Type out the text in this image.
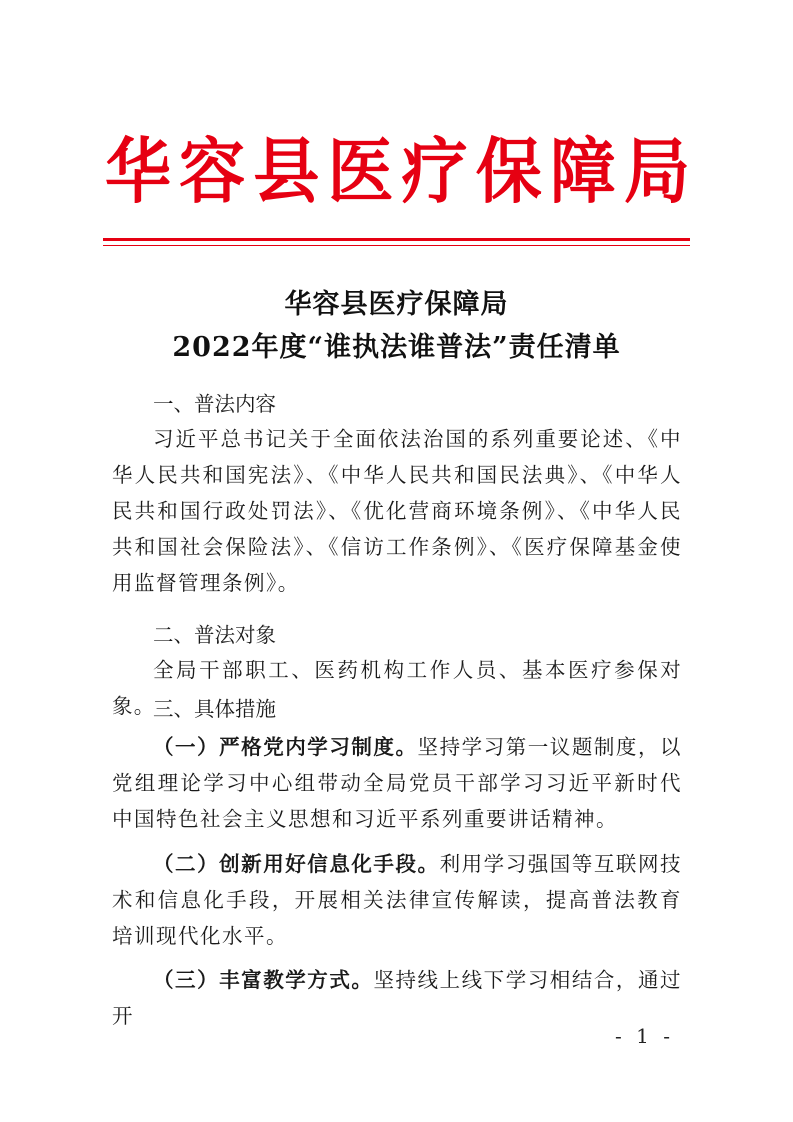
华容县医疗保障局
华容县医疗保障局
2022年度“谁执法谁普法”责任清单
一、普法内容
习近平总书记关于全面依法治国的系列重要论述、《中华人民共和国宪法》、《中华人民共和国民法典》、《中华人民共和国行政处罚法》、《优化营商环境条例》、《中华人民共和国社会保险法》、《信访工作条例》、《医疗保障基金使用监督管理条例》。
二、普法对象
全局干部职工、医药机构工作人员、基本医疗参保对象。
三、具体措施
（一）严格党内学习制度。坚持学习第一议题制度，以党组理论学习中心组带动全局党员干部学习习近平新时代中国特色社会主义思想和习近平系列重要讲话精神。
（二）创新用好信息化手段。利用学习强国等互联网技术和信息化手段，开展相关法律宣传解读，提高普法教育培训现代化水平。
（三）丰富教学方式。坚持线上线下学习相结合，通过开
- 1 -
